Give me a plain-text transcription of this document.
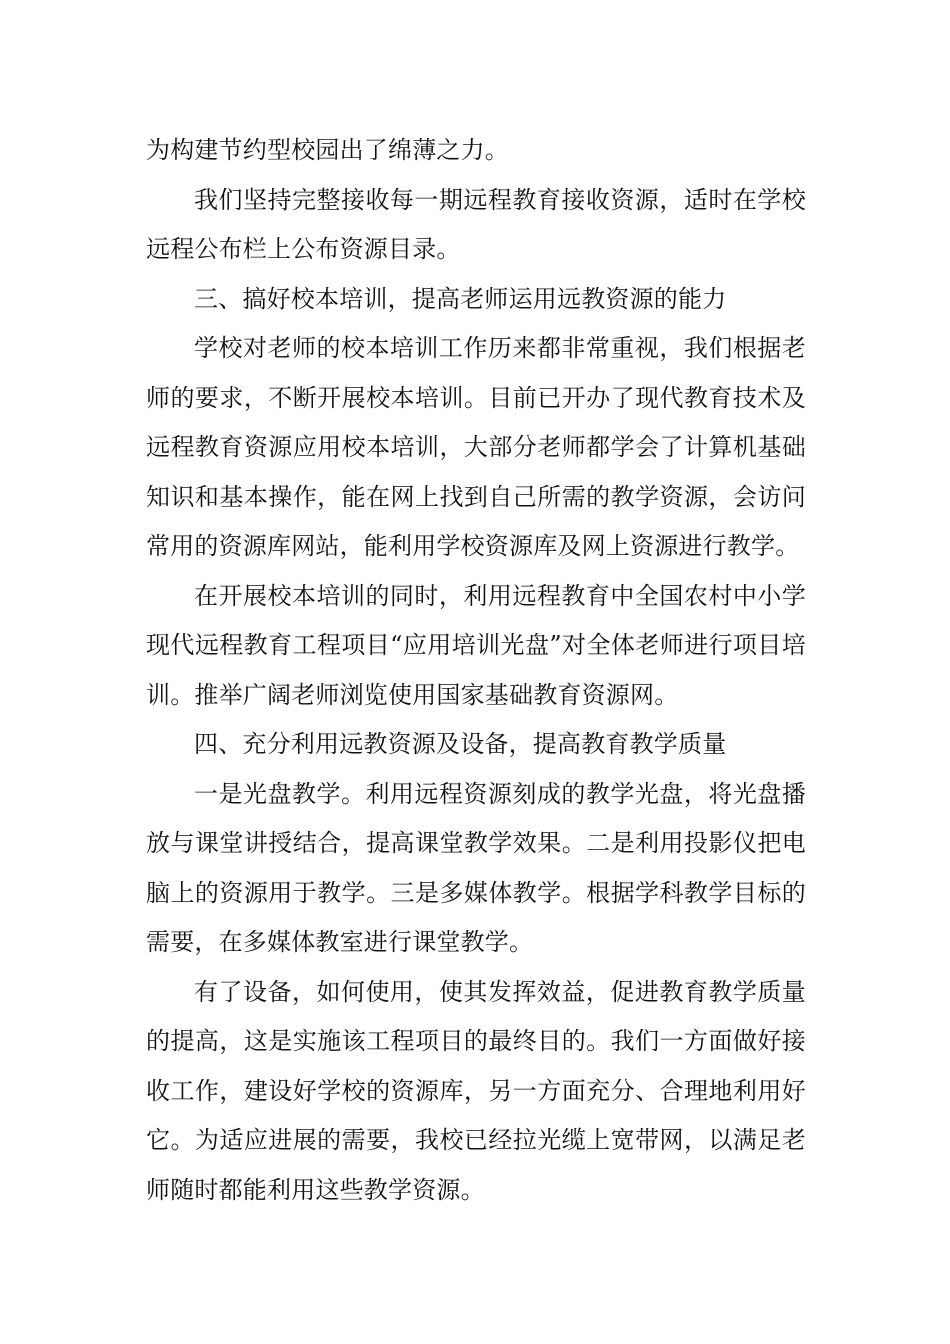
为构建节约型校园出了绵薄之力。

我们坚持完整接收每一期远程教育接收资源，适时在学校远程公布栏上公布资源目录。

三、搞好校本培训，提高老师运用远教资源的能力

学校对老师的校本培训工作历来都非常重视，我们根据老师的要求，不断开展校本培训。目前已开办了现代教育技术及远程教育资源应用校本培训，大部分老师都学会了计算机基础知识和基本操作，能在网上找到自己所需的教学资源，会访问常用的资源库网站，能利用学校资源库及网上资源进行教学。

在开展校本培训的同时，利用远程教育中全国农村中小学现代远程教育工程项目“应用培训光盘”对全体老师进行项目培训。推举广阔老师浏览使用国家基础教育资源网。

四、充分利用远教资源及设备，提高教育教学质量

一是光盘教学。利用远程资源刻成的教学光盘，将光盘播放与课堂讲授结合，提高课堂教学效果。二是利用投影仪把电脑上的资源用于教学。三是多媒体教学。根据学科教学目标的需要，在多媒体教室进行课堂教学。

有了设备，如何使用，使其发挥效益，促进教育教学质量的提高，这是实施该工程项目的最终目的。我们一方面做好接收工作，建设好学校的资源库，另一方面充分、合理地利用好它。为适应进展的需要，我校已经拉光缆上宽带网，以满足老师随时都能利用这些教学资源。
